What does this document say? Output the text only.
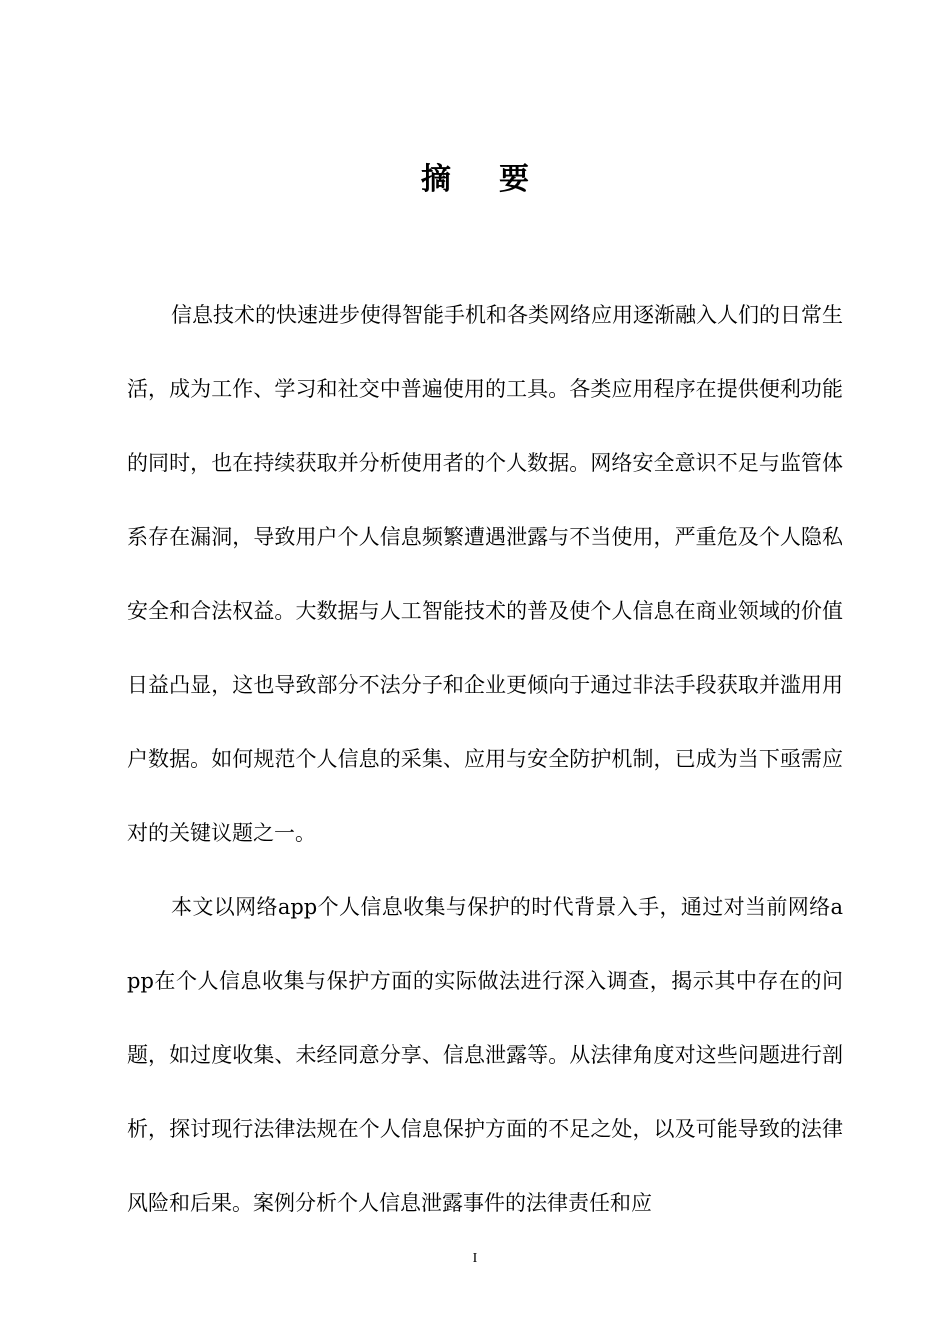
摘要

信息技术的快速进步使得智能手机和各类网络应用逐渐融入人们的日常生活，成为工作、学习和社交中普遍使用的工具。各类应用程序在提供便利功能的同时，也在持续获取并分析使用者的个人数据。网络安全意识不足与监管体系存在漏洞，导致用户个人信息频繁遭遇泄露与不当使用，严重危及个人隐私安全和合法权益。大数据与人工智能技术的普及使个人信息在商业领域的价值日益凸显，这也导致部分不法分子和企业更倾向于通过非法手段获取并滥用用户数据。如何规范个人信息的采集、应用与安全防护机制，已成为当下亟需应对的关键议题之一。

本文以网络app个人信息收集与保护的时代背景入手，通过对当前网络app在个人信息收集与保护方面的实际做法进行深入调查，揭示其中存在的问题，如过度收集、未经同意分享、信息泄露等。从法律角度对这些问题进行剖析，探讨现行法律法规在个人信息保护方面的不足之处，以及可能导致的法律风险和后果。案例分析个人信息泄露事件的法律责任和应

I
